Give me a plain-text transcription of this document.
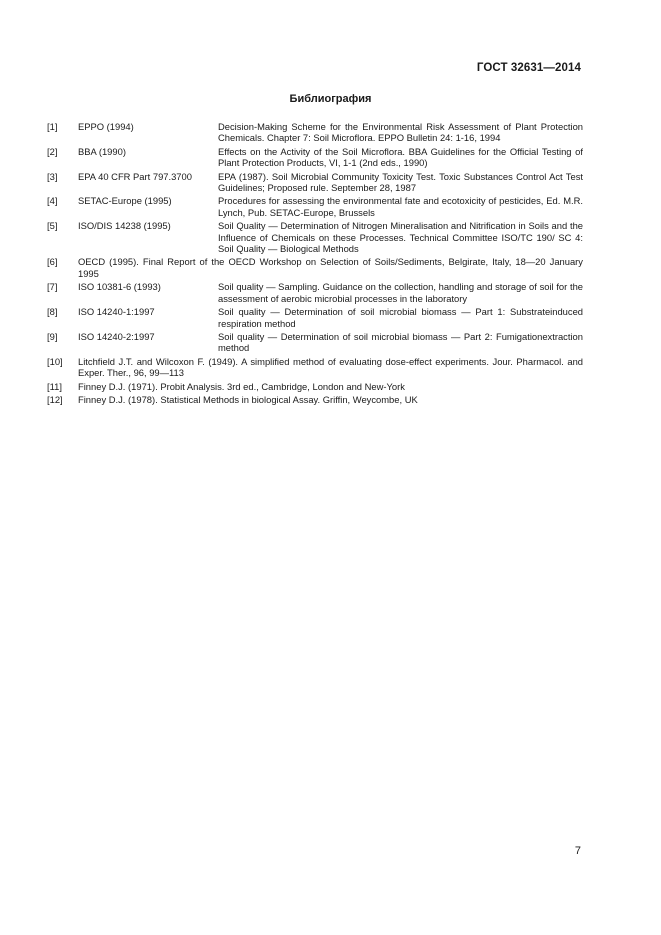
ГОСТ 32631—2014
Библиография
[1]	EPPO (1994)	Decision-Making Scheme for the Environmental Risk Assessment of Plant Protection Chemicals. Chapter 7: Soil Microflora. EPPO Bulletin 24: 1-16, 1994
[2]	BBA (1990)	Effects on the Activity of the Soil Microflora. BBA Guidelines for the Official Testing of Plant Protection Products, VI, 1-1 (2nd eds., 1990)
[3]	EPA 40 CFR Part 797.3700	EPA (1987). Soil Microbial Community Toxicity Test. Toxic Substances Control Act Test Guidelines; Proposed rule. September 28, 1987
[4]	SETAC-Europe (1995)	Procedures for assessing the environmental fate and ecotoxicity of pesticides, Ed. M.R. Lynch, Pub. SETAC-Europe, Brussels
[5]	ISO/DIS 14238 (1995)	Soil Quality — Determination of Nitrogen Mineralisation and Nitrification in Soils and the Influence of Chemicals on these Processes. Technical Committee ISO/TC 190/ SC 4: Soil Quality — Biological Methods
[6]	OECD (1995). Final Report of the OECD Workshop on Selection of Soils/Sediments, Belgirate, Italy, 18—20 January 1995
[7]	ISO 10381-6 (1993)	Soil quality — Sampling. Guidance on the collection, handling and storage of soil for the assessment of aerobic microbial processes in the laboratory
[8]	ISO 14240-1:1997	Soil quality — Determination of soil microbial biomass — Part 1: Substrateinduced respiration method
[9]	ISO 14240-2:1997	Soil quality — Determination of soil microbial biomass — Part 2: Fumigationextraction method
[10]	Litchfield J.T. and Wilcoxon F. (1949). A simplified method of evaluating dose-effect experiments. Jour. Pharmacol. and Exper. Ther., 96, 99—113
[11]	Finney D.J. (1971). Probit Analysis. 3rd ed., Cambridge, London and New-York
[12]	Finney D.J. (1978). Statistical Methods in biological Assay. Griffin, Weycombe, UK
7
